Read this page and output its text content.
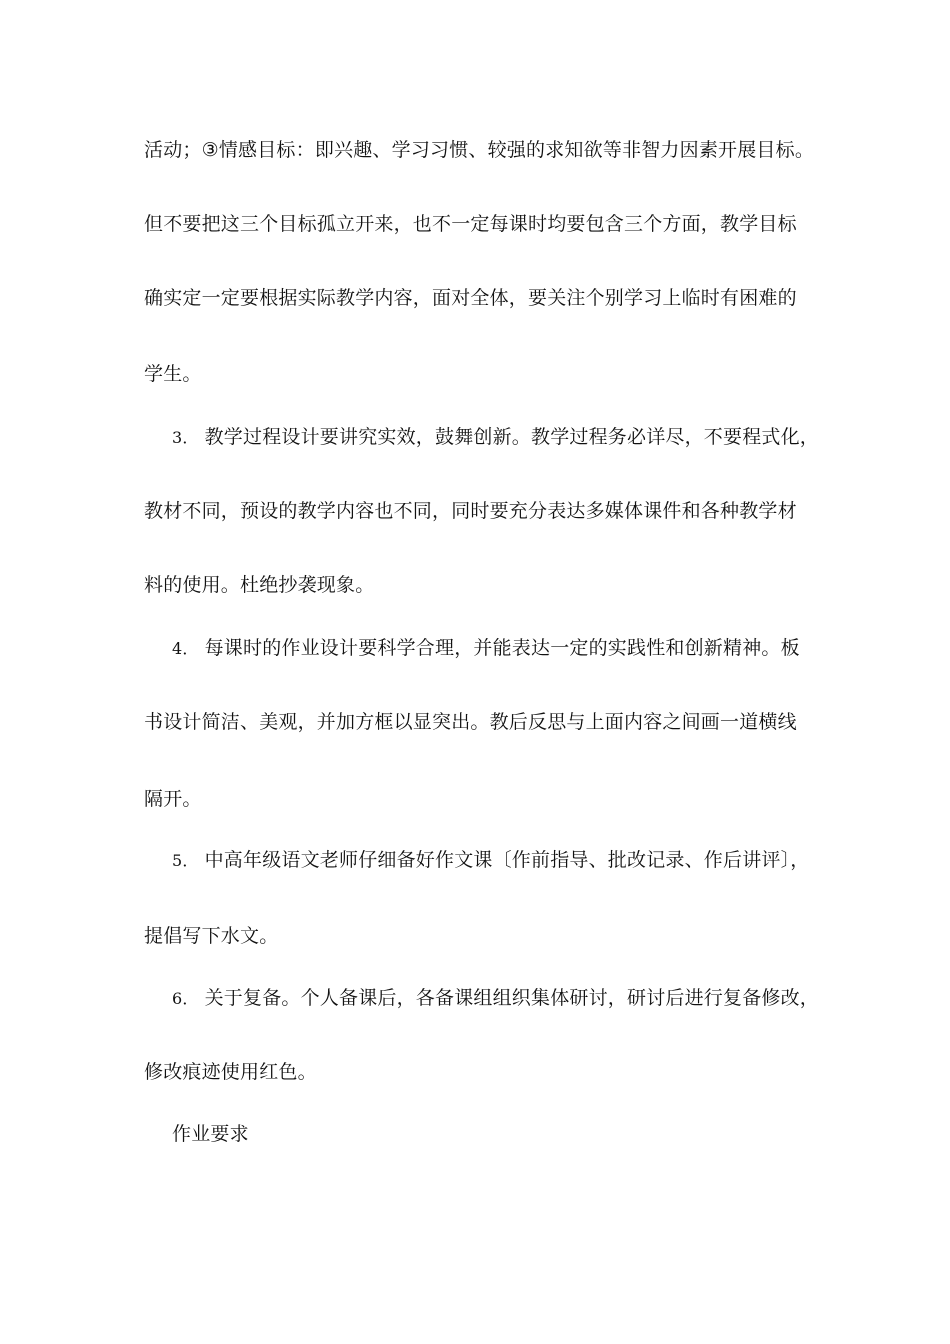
活动；③情感目标：即兴趣、学习习惯、较强的求知欲等非智力因素开展目标。
但不要把这三个目标孤立开来，也不一定每课时均要包含三个方面，教学目标
确实定一定要根据实际教学内容，面对全体，要关注个别学习上临时有困难的
学生。
3． 教学过程设计要讲究实效，鼓舞创新。教学过程务必详尽，不要程式化，
教材不同，预设的教学内容也不同，同时要充分表达多媒体课件和各种教学材
料的使用。杜绝抄袭现象。
4． 每课时的作业设计要科学合理，并能表达一定的实践性和创新精神。板
书设计简洁、美观，并加方框以显突出。教后反思与上面内容之间画一道横线
隔开。
5． 中高年级语文老师仔细备好作文课〔作前指导、批改记录、作后讲评〕，
提倡写下水文。
6． 关于复备。个人备课后，各备课组组织集体研讨，研讨后进行复备修改，
修改痕迹使用红色。
作业要求
